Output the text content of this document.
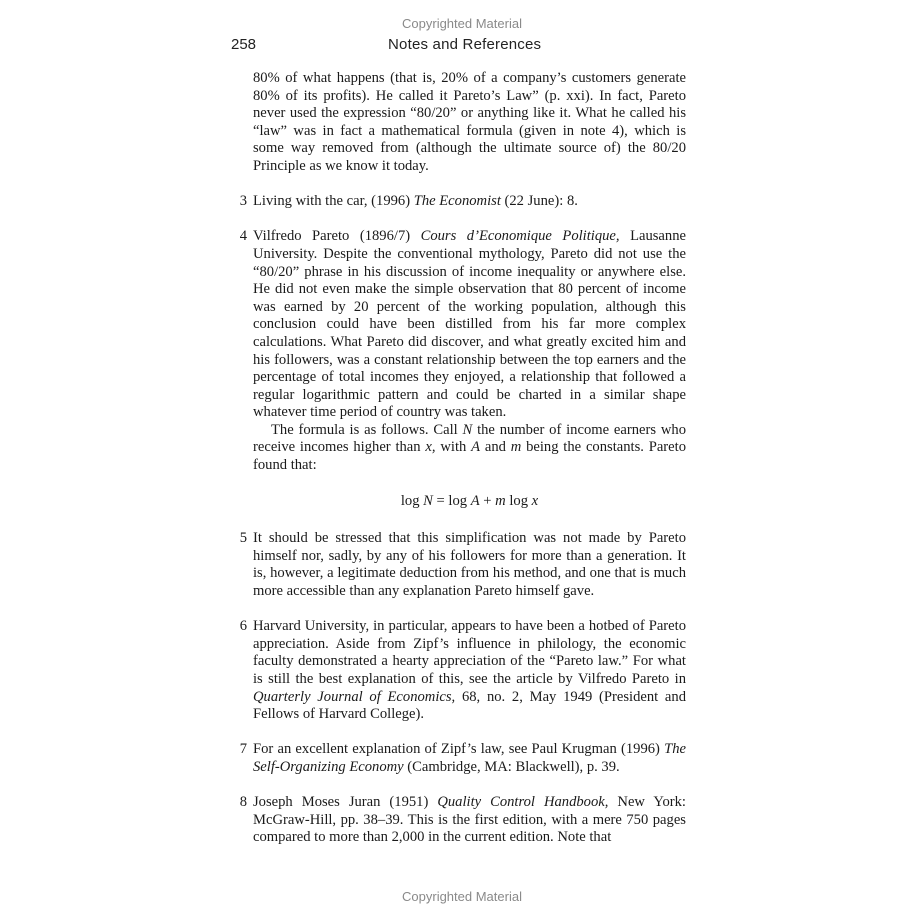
Copyrighted Material
258	Notes and References

80% of what happens (that is, 20% of a company’s customers generate 80% of its profits). He called it Pareto’s Law” (p. xxi). In fact, Pareto never used the expression “80/20” or anything like it. What he called his “law” was in fact a mathematical formula (given in note 4), which is some way removed from (although the ultimate source of) the 80/20 Principle as we know it today.

3 Living with the car, (1996) The Economist (22 June): 8.

4 Vilfredo Pareto (1896/7) Cours d’Economique Politique, Lausanne University. Despite the conventional mythology, Pareto did not use the “80/20” phrase in his discussion of income inequality or anywhere else. He did not even make the simple observation that 80 percent of income was earned by 20 percent of the working population, although this conclusion could have been distilled from his far more complex calculations. What Pareto did discover, and what greatly excited him and his followers, was a constant relationship between the top earners and the percentage of total incomes they enjoyed, a relationship that followed a regular logarithmic pattern and could be charted in a similar shape whatever time period of country was taken.

The formula is as follows. Call N the number of income earners who receive incomes higher than x, with A and m being the constants. Pareto found that:

log N = log A + m log x
5 It should be stressed that this simplification was not made by Pareto himself nor, sadly, by any of his followers for more than a generation. It is, however, a legitimate deduction from his method, and one that is much more accessible than any explanation Pareto himself gave.

6 Harvard University, in particular, appears to have been a hotbed of Pareto appreciation. Aside from Zipf’s influence in philology, the economic faculty demonstrated a hearty appreciation of the “Pareto law.” For what is still the best explanation of this, see the article by Vilfredo Pareto in Quarterly Journal of Economics, 68, no. 2, May 1949 (President and Fellows of Harvard College).

7 For an excellent explanation of Zipf’s law, see Paul Krugman (1996) The Self-Organizing Economy (Cambridge, MA: Blackwell), p. 39.

8 Joseph Moses Juran (1951) Quality Control Handbook, New York: McGraw-Hill, pp. 38–39. This is the first edition, with a mere 750 pages compared to more than 2,000 in the current edition. Note that

Copyrighted Material
